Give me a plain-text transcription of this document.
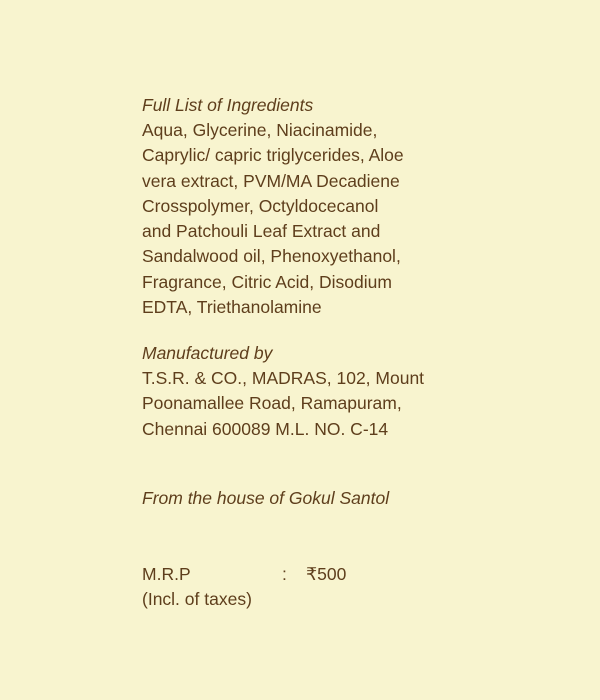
Full List of Ingredients

Aqua, Glycerine, Niacinamide,

Caprylic/ capric triglycerides, Aloe

vera extract, PVM/MA Decadiene

Crosspolymer, Octyldocecanol

and Patchouli Leaf Extract and

Sandalwood oil, Phenoxyethanol,

Fragrance, Citric Acid, Disodium

EDTA, Triethanolamine

Manufactured by

T.S.R. & CO., MADRAS, 102, Mount

Poonamallee Road, Ramapuram,

Chennai 600089 M.L. NO. C-14

From the house of Gokul Santol

M.R.P	:	₹500
(Incl. of taxes)
